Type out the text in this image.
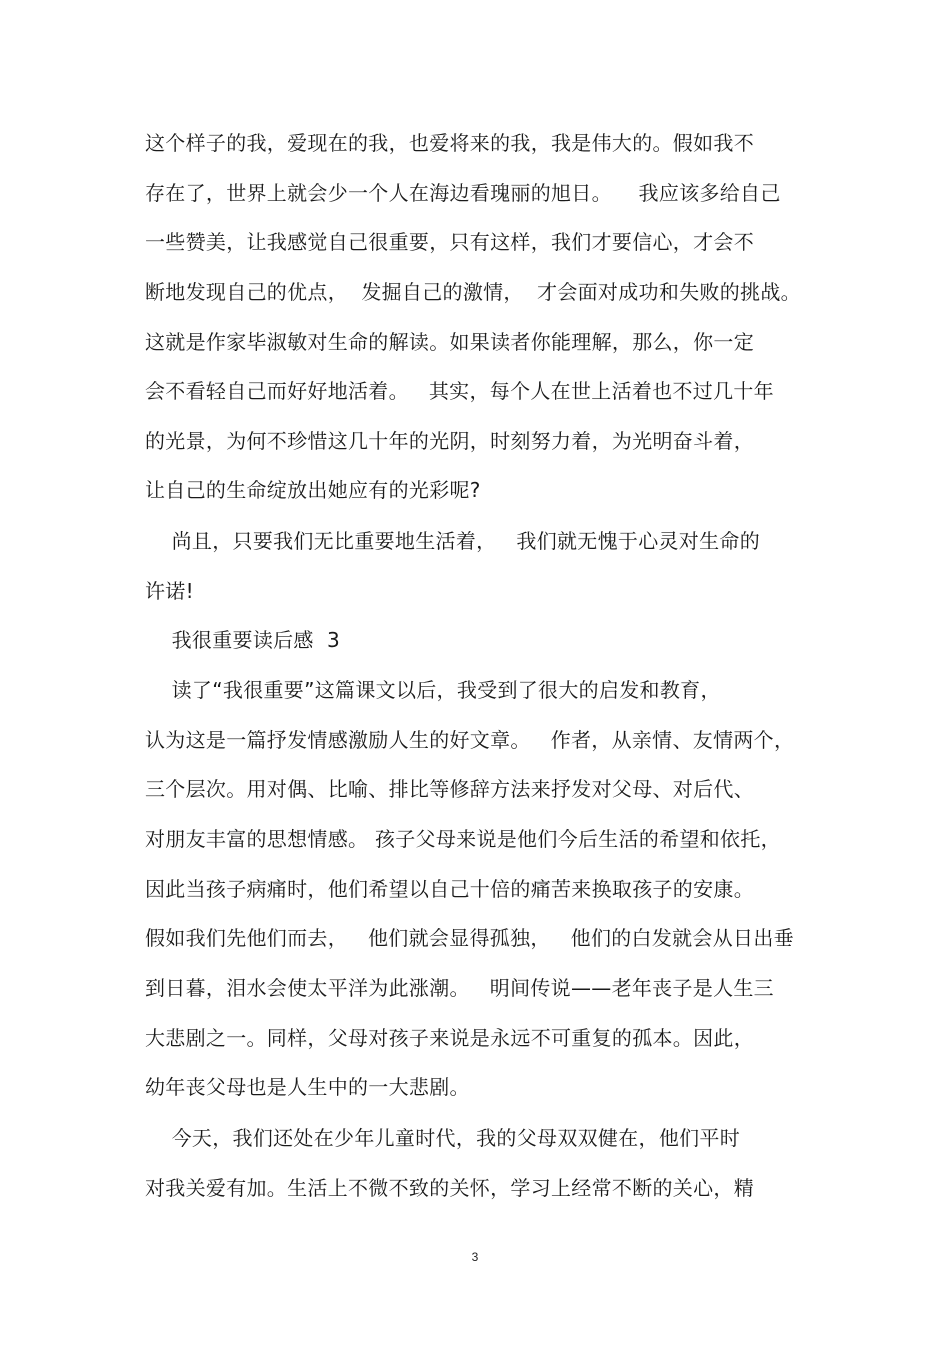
这个样子的我，爱现在的我，也爱将来的我，我是伟大的。假如我不
存在了，世界上就会少一个人在海边看瑰丽的旭日。    我应该多给自己
一些赞美，让我感觉自己很重要，只有这样，我们才要信心，才会不
断地发现自己的优点，  发掘自己的激情，  才会面对成功和失败的挑战。
这就是作家毕淑敏对生命的解读。如果读者你能理解，那么，你一定
会不看轻自己而好好地活着。   其实，每个人在世上活着也不过几十年
的光景，为何不珍惜这几十年的光阴，时刻努力着，为光明奋斗着，
让自己的生命绽放出她应有的光彩呢?
尚且，只要我们无比重要地生活着，   我们就无愧于心灵对生命的
许诺!
我很重要读后感  3
读了“我很重要”这篇课文以后，我受到了很大的启发和教育，
认为这是一篇抒发情感激励人生的好文章。   作者，从亲情、友情两个，
三个层次。用对偶、比喻、排比等修辞方法来抒发对父母、对后代、
对朋友丰富的思想情感。 孩子父母来说是他们今后生活的希望和依托，
因此当孩子病痛时，他们希望以自己十倍的痛苦来换取孩子的安康。
假如我们先他们而去，   他们就会显得孤独，   他们的白发就会从日出垂
到日暮，泪水会使太平洋为此涨潮。   明间传说——老年丧子是人生三
大悲剧之一。同样，父母对孩子来说是永远不可重复的孤本。因此，
幼年丧父母也是人生中的一大悲剧。
今天，我们还处在少年儿童时代，我的父母双双健在，他们平时
对我关爱有加。生活上不微不致的关怀，学习上经常不断的关心，精
3
